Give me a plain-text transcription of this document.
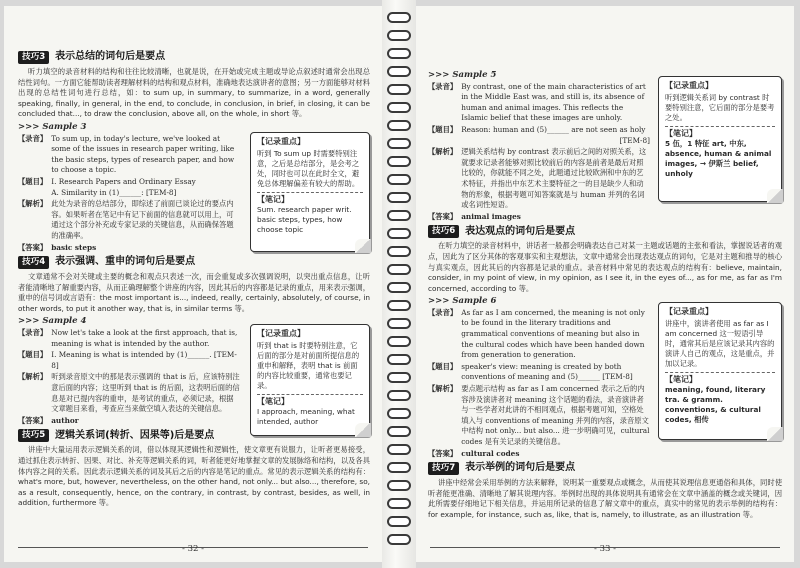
技巧3	表示总结的词句后是要点

听力填空的录音材料的结构和往往比较清晰，也就是说，在开始或完成主题或导论点叙述时通常会出现总结性词句。一方面它能帮助读者理解材料的结构和观点材料，准确地表达演讲者的意图；另一方面能够对材料出现的总结性词句进行总结，如：to sum up, in summary, to summarize, in a word, generally speaking, finally, in general, in the end, to conclude, in conclusion, in brief, in closing, it can be concluded that..., to draw the conclusion, above all, on the whole, in short 等。

>>> Sample 3
【录音】 To sum up, in today's lecture, we've looked at some of the issues in research paper writing, like the basic steps, types of research paper, and how to choose a topic.
【题目】 I. Research Papers and Ordinary Essay
A. Similarity in (1)______: [TEM-8]
【解析】 此处为录音的总结部分，即综述了前面已谈论过的要点内容。如果听者在笔记中有记下前面的信息就可以用上，可通过这个部分补充或专家记录的关键信息，从而确保答题的准确率。
【答案】 basic steps
【记录重点】
听到 To sum up 时需要特别注意，之后是总结部分，是会考之处，同时也可以在此时全文，避免总体理解偏差有较大的帮助。
【笔记】
Sum. research paper writ. basic steps, types, how choose topic
技巧4	表示强调、重申的词句后是要点

文章通常不会对关键或主要的概念和观点只表述一次，而会重复或多次强调说明，以突出重点信息，让听者能清晰地了解重要内容，从而正确理解整个讲座的内容，因此其后的内容都是记录的重点，用来表示强调，重申的信号词或言语有：the most important is..., indeed, really, certainly, absolutely, of course, in other words, to put it another way, that is, in similar terms 等。

>>> Sample 4
【录音】 Now let's take a look at the first approach, that is, meaning is what is intended by the author.
【题目】 I. Meaning is what is intended by (1)______. [TEM-8]
【解析】 听到录音原文中的那是表示强调的 that is 后，应该特别注意后面的内容；这里听到 that is 的后面，这表明后面的信息是对已提内容的重申，是考试的重点，必须记录，根据文章题目来看，考查应当来做空填入表达的关键信息。
【答案】 author
【记录重点】
听到 that is 时要特别注意，它后面的部分是对前面所提信息的重申和解释，表明 that is 前面的内容比较重要，通常也要记录。
【笔记】
I approach, meaning, what intended, author
技巧5	逻辑关系词(转折、因果等)后是要点

讲座中大量运用表示逻辑关系的词，借以体现其逻辑性和逻辑性，使文章更有说服力，让听者更易接受，通过抓住表示转折、因果、对比、补充等逻辑关系的词，听者能更好地掌握文章的发展脉络和结构，以及各具体内容之间的关系。因此表示逻辑关系的词及其后之后的内容是笔记的重点。常见的表示逻辑关系的结构有：what's more, but, however, nevertheless, on the other hand, not only... but also..., therefore, so, as a result, consequently, hence, on the contrary, in contrast, by contrast, besides, as well, in addition, furthermore 等。

- 32 -
>>> Sample 5
【录音】 By contrast, one of the main characteristics of art in the Middle East was, and still is, its absence of human and animal images. This reflects the Islamic belief that these images are unholy.
【题目】 Reason: human and (5)______ are not seen as holy

[TEM-8]
【解析】 逻辑关系结构 by contrast 表示前后之间的对照关系，这就要求记录者能够对照比较前后的内容是前者是最后对照比较的，你就能不同之处，此题通过比较欧洲和中东的艺术特征，并指出中东艺术主要特征之一的目是缺少人和动物的形象，根据考题可知答案就是与 human 并列的名词或名词性短语。
【答案】 animal images
【记录重点】
听到逻辑关系词 by contrast 时要特别注意，它后面的部分是要考之处。
【笔记】
5 伍，1 特征 art, 中东, absence, human & animal images, → 伊斯兰 belief, unholy
技巧6	表达观点的词句后是要点

在听力填空的录音材料中，讲话者一般都会明确表达自己对某一主题或话题的主张和看法，掌握说话者的观点，因此为了区分其体的客观事实和主观想法，文章中通常会出现表达观点的词句，它是对主题和推导的核心与真实观点，因此其后的内容都是记录的重点。录音材料中常见的表达观点的结构有：believe, maintain, consider, in my point of view, in my opinion, as I see it, in the eyes of..., as for me, as far as I'm concerned, according to 等。

>>> Sample 6
【录音】 As far as I am concerned, the meaning is not only to be found in the literary traditions and grammatical conventions of meaning but also in the cultural codes which have been handed down from generation to generation.
【题目】 speaker's view: meaning is created by both conventions of meaning and (5)______ [TEM-8]
【解析】 要点题示结构 as far as I am concerned 表示之后的内容涉及演讲者对 meaning 这个话题的看法，录音演讲者与一些学者对此讲的不相同观点，根据考题可知，空格处填入与 conventions of meaning 并列的内容，录音原文中结构 not only... but also... 进一步明确可见，cultural codes 是有关记录的关键信息。
【答案】 cultural codes
【记录重点】
讲座中，演讲者使用 as far as I am concerned 这一短语引导时，通常其后是应该记录其内容的演讲人自己的观点，这是重点，并加以记录。
【笔记】
meaning, found, literary tra. & gramm. conventions, & cultural codes, 相传
技巧7	表示举例的词句后是要点

讲座中经常会采用举例的方法来解释，说明某一重要观点或概念，从而使其说理信息更通俗和具体，同时使听者能更准确、清晰地了解其说理内容。举例时出现的具体说明具有通常会在文章中涵盖的概念或关键词，因此所需要仔细地记下相关信息，并运用所记录的信息了解文章中的重点，真实中的常见的表示举例的结构有：for example, for instance, such as, like, that is, namely, to illustrate, as an illustration 等。

- 33 -
